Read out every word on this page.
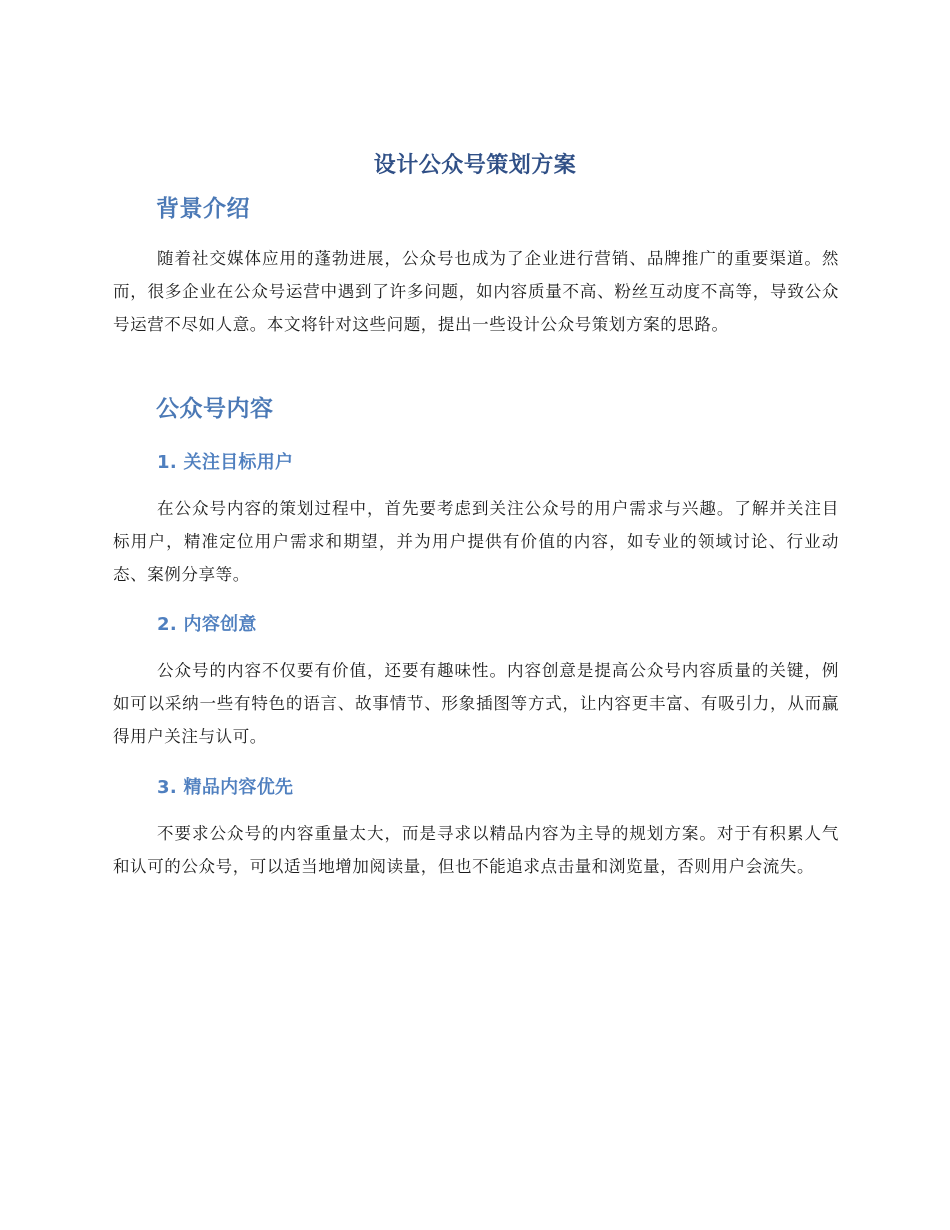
设计公众号策划方案
背景介绍
随着社交媒体应用的蓬勃进展，公众号也成为了企业进行营销、品牌推广的重要渠道。然而，很多企业在公众号运营中遇到了许多问题，如内容质量不高、粉丝互动度不高等，导致公众号运营不尽如人意。本文将针对这些问题，提出一些设计公众号策划方案的思路。
公众号内容
1. 关注目标用户
在公众号内容的策划过程中，首先要考虑到关注公众号的用户需求与兴趣。了解并关注目标用户，精准定位用户需求和期望，并为用户提供有价值的内容，如专业的领域讨论、行业动态、案例分享等。
2. 内容创意
公众号的内容不仅要有价值，还要有趣味性。内容创意是提高公众号内容质量的关键，例如可以采纳一些有特色的语言、故事情节、形象插图等方式，让内容更丰富、有吸引力，从而赢得用户关注与认可。
3. 精品内容优先
不要求公众号的内容重量太大，而是寻求以精品内容为主导的规划方案。对于有积累人气和认可的公众号，可以适当地增加阅读量，但也不能追求点击量和浏览量，否则用户会流失。
